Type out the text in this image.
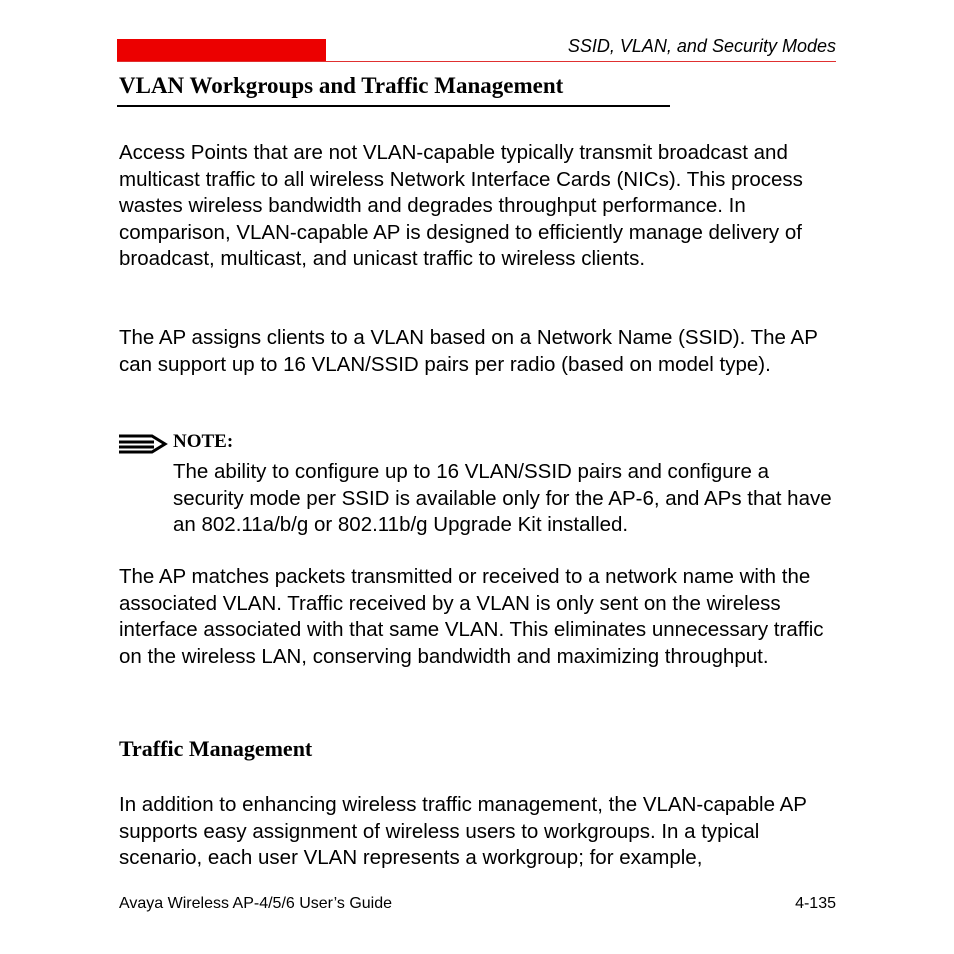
SSID, VLAN, and Security Modes
VLAN Workgroups and Traffic Management

Access Points that are not VLAN-capable typically transmit broadcast and multicast traffic to all wireless Network Interface Cards (NICs). This process wastes wireless bandwidth and degrades throughput performance. In comparison, VLAN-capable AP is designed to efficiently manage delivery of broadcast, multicast, and unicast traffic to wireless clients.

The AP assigns clients to a VLAN based on a Network Name (SSID). The AP can support up to 16 VLAN/SSID pairs per radio (based on model type).

NOTE:

The ability to configure up to 16 VLAN/SSID pairs and configure a security mode per SSID is available only for the AP-6, and APs that have an 802.11a/b/g or 802.11b/g Upgrade Kit installed.

The AP matches packets transmitted or received to a network name with the associated VLAN. Traffic received by a VLAN is only sent on the wireless interface associated with that same VLAN. This eliminates unnecessary traffic on the wireless LAN, conserving bandwidth and maximizing throughput.

Traffic Management

In addition to enhancing wireless traffic management, the VLAN-capable AP supports easy assignment of wireless users to workgroups. In a typical scenario, each user VLAN represents a workgroup; for example,

Avaya Wireless AP-4/5/6 User’s Guide	4-135
